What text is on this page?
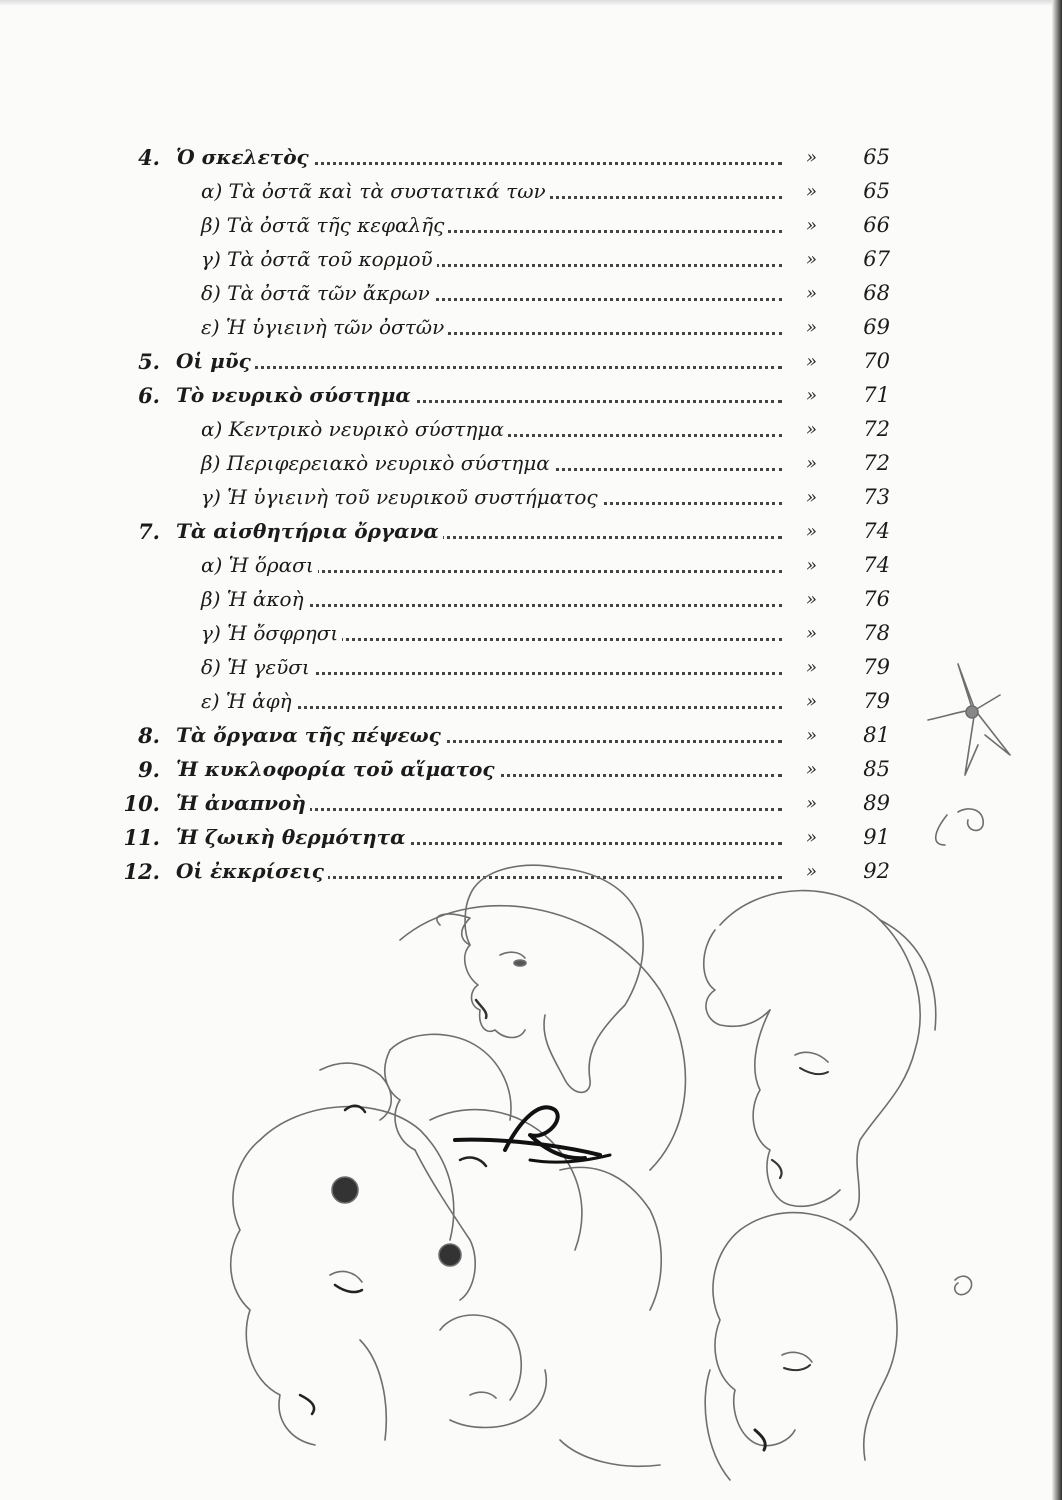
4. Ὁ σκελετὸς	»	65
α) Τὰ ὀστᾶ καὶ τὰ συστατικά των	»	65
β) Τὰ ὀστᾶ τῆς κεφαλῆς	»	66
γ) Τὰ ὀστᾶ τοῦ κορμοῦ	»	67
δ) Τὰ ὀστᾶ τῶν ἄκρων	»	68
ε) Ἡ ὑγιεινὴ τῶν ὀστῶν	»	69
5. Οἱ μῦς	»	70
6. Τὸ νευρικὸ σύστημα	»	71
α) Κεντρικὸ νευρικὸ σύστημα	»	72
β) Περιφερειακὸ νευρικὸ σύστημα	»	72
γ) Ἡ ὑγιεινὴ τοῦ νευρικοῦ συστήματος	»	73
7. Τὰ αἰσθητήρια ὄργανα	»	74
α) Ἡ ὅρασι	»	74
β) Ἡ ἀκοὴ	»	76
γ) Ἡ ὄσφρησι	»	78
δ) Ἡ γεῦσι	»	79
ε) Ἡ ἁφὴ	»	79
8. Τὰ ὄργανα τῆς πέψεως	»	81
9. Ἡ κυκλοφορία τοῦ αἵματος	»	85
10. Ἡ ἀναπνοὴ	»	89
11. Ἡ ζωικὴ θερμότητα	»	91
12. Οἱ ἐκκρίσεις	»	92
